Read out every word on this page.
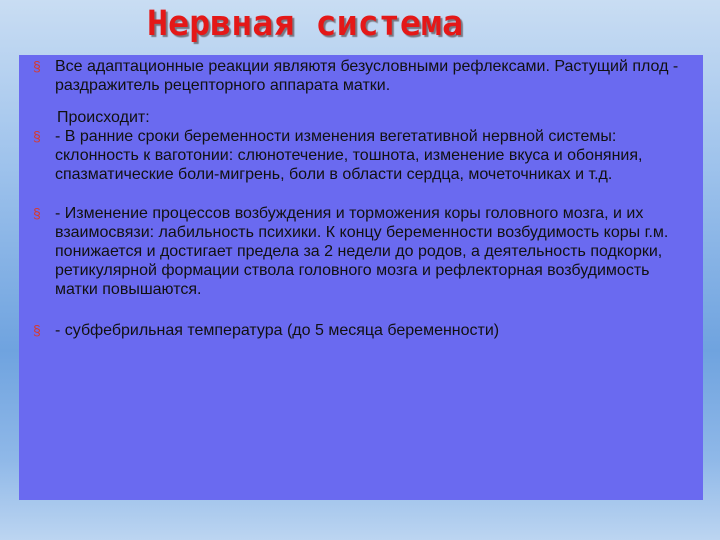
Нервная система
§ Все адаптационные реакции являютя безусловными рефлексами. Растущий плод - раздражитель рецепторного аппарата матки.
Происходит:
§ - В ранние сроки беременности изменения вегетативной нервной системы: склонность к ваготонии: слюнотечение, тошнота, изменение вкуса и обоняния, спазматические боли-мигрень, боли в области сердца, мочеточниках и т.д.
§ - Изменение процессов возбуждения и торможения коры головного мозга, и их взаимосвязи: лабильность психики. К концу беременности возбудимость коры г.м. понижается и достигает предела за 2 недели до родов, а деятельность подкорки, ретикулярной формации ствола головного мозга и рефлекторная возбудимость матки повышаются.
§ - субфебрильная температура (до 5 месяца беременности)
